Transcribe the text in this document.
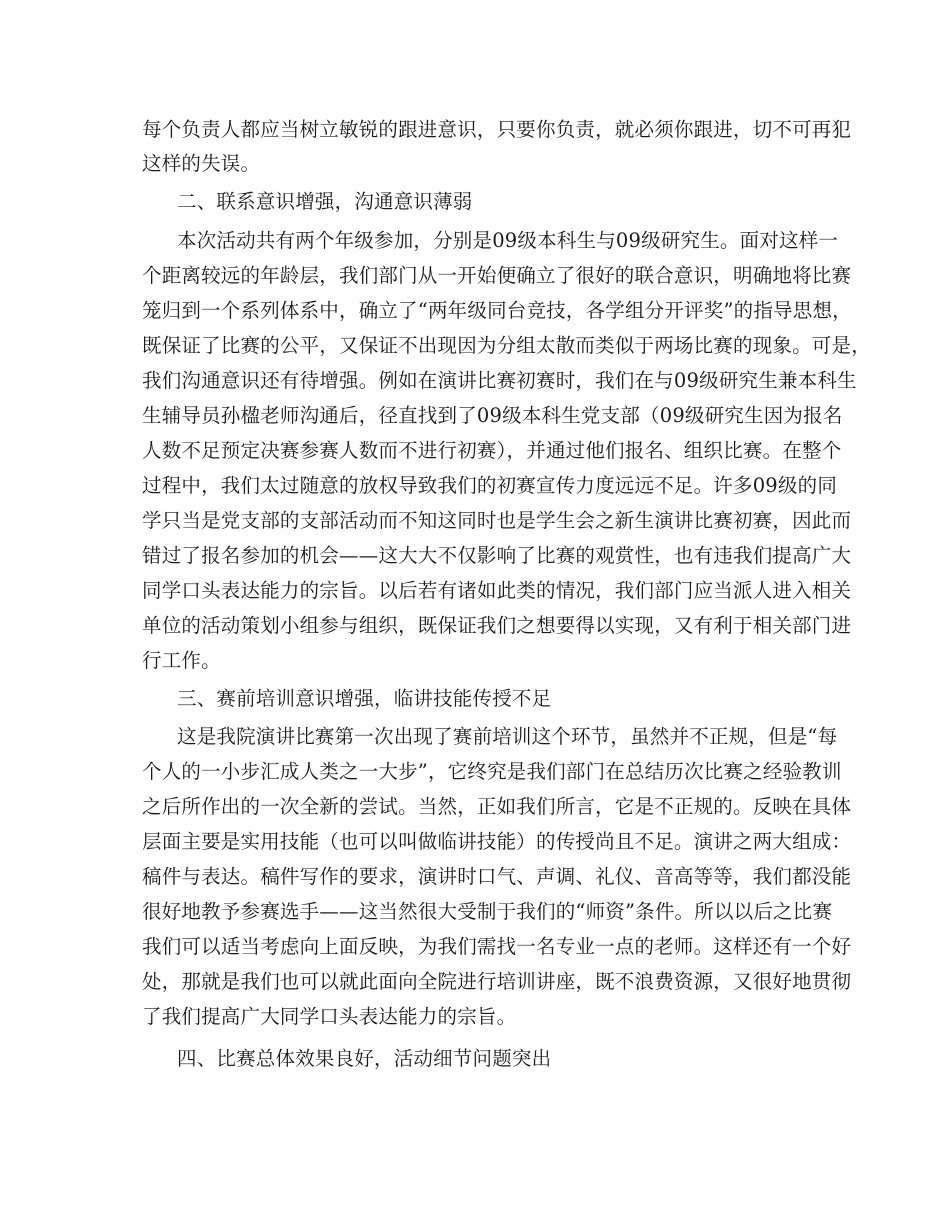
每个负责人都应当树立敏锐的跟进意识，只要你负责，就必须你跟进，切不可再犯
这样的失误。
二、联系意识增强，沟通意识薄弱
本次活动共有两个年级参加，分别是09级本科生与09级研究生。面对这样一
个距离较远的年龄层，我们部门从一开始便确立了很好的联合意识，明确地将比赛
笼归到一个系列体系中，确立了“两年级同台竞技，各学组分开评奖”的指导思想，
既保证了比赛的公平，又保证不出现因为分组太散而类似于两场比赛的现象。可是，
我们沟通意识还有待增强。例如在演讲比赛初赛时，我们在与09级研究生兼本科生
生辅导员孙楹老师沟通后，径直找到了09级本科生党支部（09级研究生因为报名
人数不足预定决赛参赛人数而不进行初赛），并通过他们报名、组织比赛。在整个
过程中，我们太过随意的放权导致我们的初赛宣传力度远远不足。许多09级的同
学只当是党支部的支部活动而不知这同时也是学生会之新生演讲比赛初赛，因此而
错过了报名参加的机会——这大大不仅影响了比赛的观赏性，也有违我们提高广大
同学口头表达能力的宗旨。以后若有诸如此类的情况，我们部门应当派人进入相关
单位的活动策划小组参与组织，既保证我们之想要得以实现，又有利于相关部门进
行工作。
三、赛前培训意识增强，临讲技能传授不足
这是我院演讲比赛第一次出现了赛前培训这个环节，虽然并不正规，但是“每
个人的一小步汇成人类之一大步”，它终究是我们部门在总结历次比赛之经验教训
之后所作出的一次全新的尝试。当然，正如我们所言，它是不正规的。反映在具体
层面主要是实用技能（也可以叫做临讲技能）的传授尚且不足。演讲之两大组成：
稿件与表达。稿件写作的要求，演讲时口气、声调、礼仪、音高等等，我们都没能
很好地教予参赛选手——这当然很大受制于我们的“师资”条件。所以以后之比赛
我们可以适当考虑向上面反映，为我们需找一名专业一点的老师。这样还有一个好
处，那就是我们也可以就此面向全院进行培训讲座，既不浪费资源，又很好地贯彻
了我们提高广大同学口头表达能力的宗旨。
四、比赛总体效果良好，活动细节问题突出
